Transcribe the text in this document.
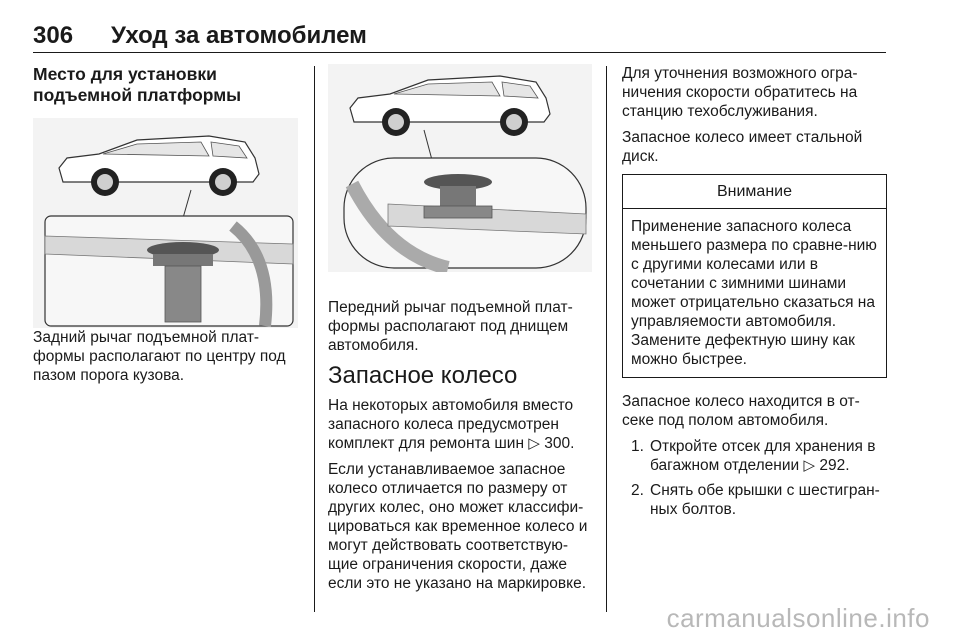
306 Уход за автомобилем
Место для установки подъемной платформы

Задний рычаг подъемной плат-формы располагают по центру под пазом порога кузова.

Передний рычаг подъемной плат-формы располагают под днищем автомобиля.

Запасное колесо

На некоторых автомобиля вместо запасного колеса предусмотрен комплект для ремонта шин ▷ 300.

Если устанавливаемое запасное колесо отличается по размеру от других колес, оно может классифи-цироваться как временное колесо и могут действовать соответствую-щие ограничения скорости, даже если это не указано на маркировке.

Для уточнения возможного огра-ничения скорости обратитесь на станцию техобслуживания.

Запасное колесо имеет стальной диск.

Внимание
Применение запасного колеса меньшего размера по сравне-нию с другими колесами или в сочетании с зимними шинами может отрицательно сказаться на управляемости автомобиля. Замените дефектную шину как можно быстрее.

Запасное колесо находится в от-секе под полом автомобиля.

1. Откройте отсек для хранения в багажном отделении ▷ 292.
2. Снять обе крышки с шестигран-ных болтов.
carmanualsonline.info
